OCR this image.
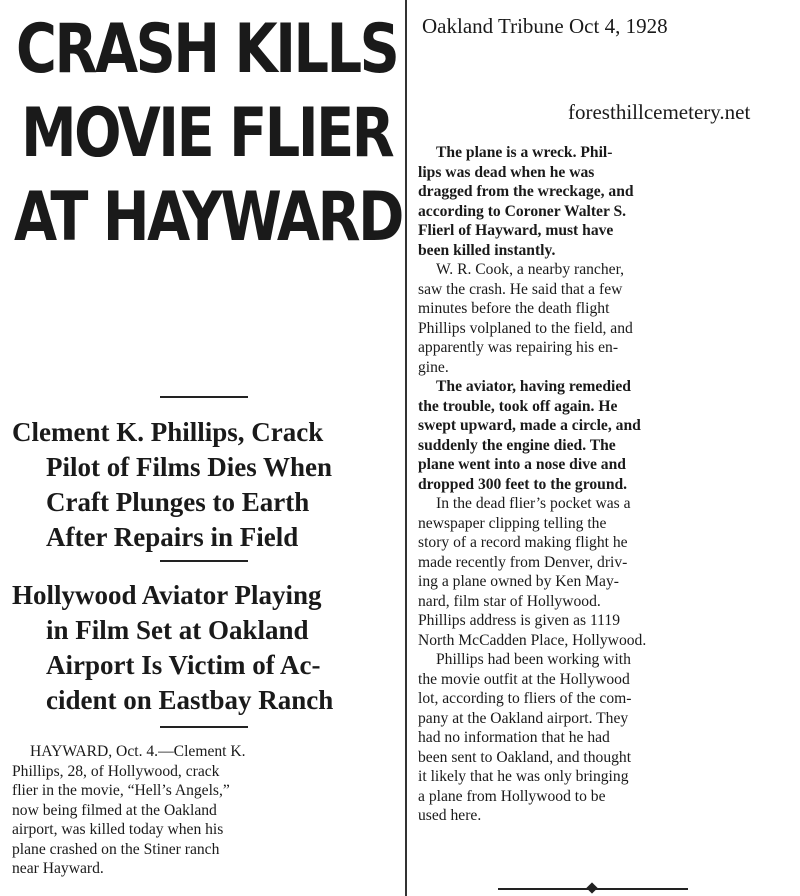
CRASH KILLS
MOVIE FLIER
AT HAYWARD
Clement K. Phillips, Crack
Pilot of Films Dies When
Craft Plunges to Earth
After Repairs in Field
Hollywood Aviator Playing
in Film Set at Oakland
Airport Is Victim of Ac-
cident on Eastbay Ranch
HAYWARD, Oct. 4.—Clement K.
Phillips, 28, of Hollywood, crack
flier in the movie, “Hell’s Angels,”
now being filmed at the Oakland
airport, was killed today when his
plane crashed on the Stiner ranch
near Hayward.
Oakland Tribune Oct 4, 1928
foresthillcemetery.net
The plane is a wreck. Phil-
lips was dead when he was
dragged from the wreckage, and
according to Coroner Walter S.
Flierl of Hayward, must have
been killed instantly.
W. R. Cook, a nearby rancher,
saw the crash. He said that a few
minutes before the death flight
Phillips volplaned to the field, and
apparently was repairing his en-
gine.
The aviator, having remedied
the trouble, took off again. He
swept upward, made a circle, and
suddenly the engine died. The
plane went into a nose dive and
dropped 300 feet to the ground.
In the dead flier’s pocket was a
newspaper clipping telling the
story of a record making flight he
made recently from Denver, driv-
ing a plane owned by Ken May-
nard, film star of Hollywood.
Phillips address is given as 1119
North McCadden Place, Hollywood.
Phillips had been working with
the movie outfit at the Hollywood
lot, according to fliers of the com-
pany at the Oakland airport. They
had no information that he had
been sent to Oakland, and thought
it likely that he was only bringing
a plane from Hollywood to be
used here.
